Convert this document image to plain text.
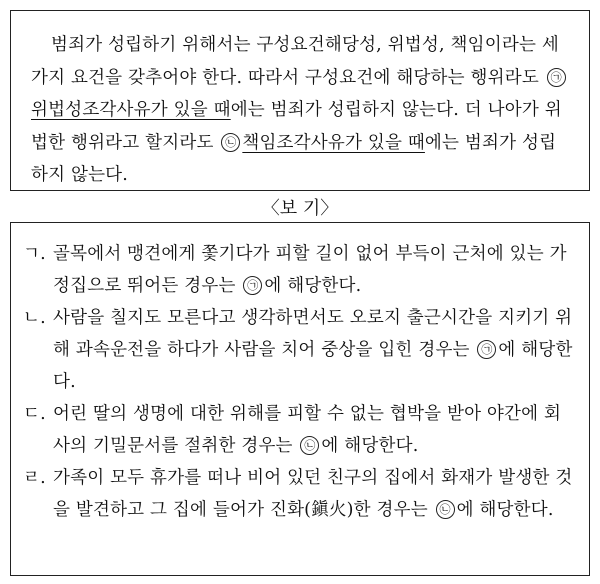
범죄가 성립하기 위해서는 구성요건해당성, 위법성, 책임이라는 세 가지 요건을 갖추어야 한다. 따라서 구성요건에 해당하는 행위라도 ㉠위법성조각사유가 있을 때에는 범죄가 성립하지 않는다. 더 나아가 위법한 행위라고 할지라도 ㉡ 책임조각사유가 있을 때에는 범죄가 성립하지 않는다.
〈보 기〉
ㄱ. 골목에서 맹견에게 쫓기다가 피할 길이 없어 부득이 근처에 있는 가정집으로 뛰어든 경우는 ㉠ 에 해당한다.
ㄴ. 사람을 칠지도 모른다고 생각하면서도 오로지 출근시간을 지키기 위해 과속운전을 하다가 사람을 치어 중상을 입힌 경우는 ㉠ 에 해당한다.
ㄷ. 어린 딸의 생명에 대한 위해를 피할 수 없는 협박을 받아 야간에 회사의 기밀문서를 절취한 경우는 ㉡ 에 해당한다.
ㄹ. 가족이 모두 휴가를 떠나 비어 있던 친구의 집에서 화재가 발생한 것을 발견하고 그 집에 들어가 진화(鎭火)한 경우는 ㉡ 에 해당한다.
